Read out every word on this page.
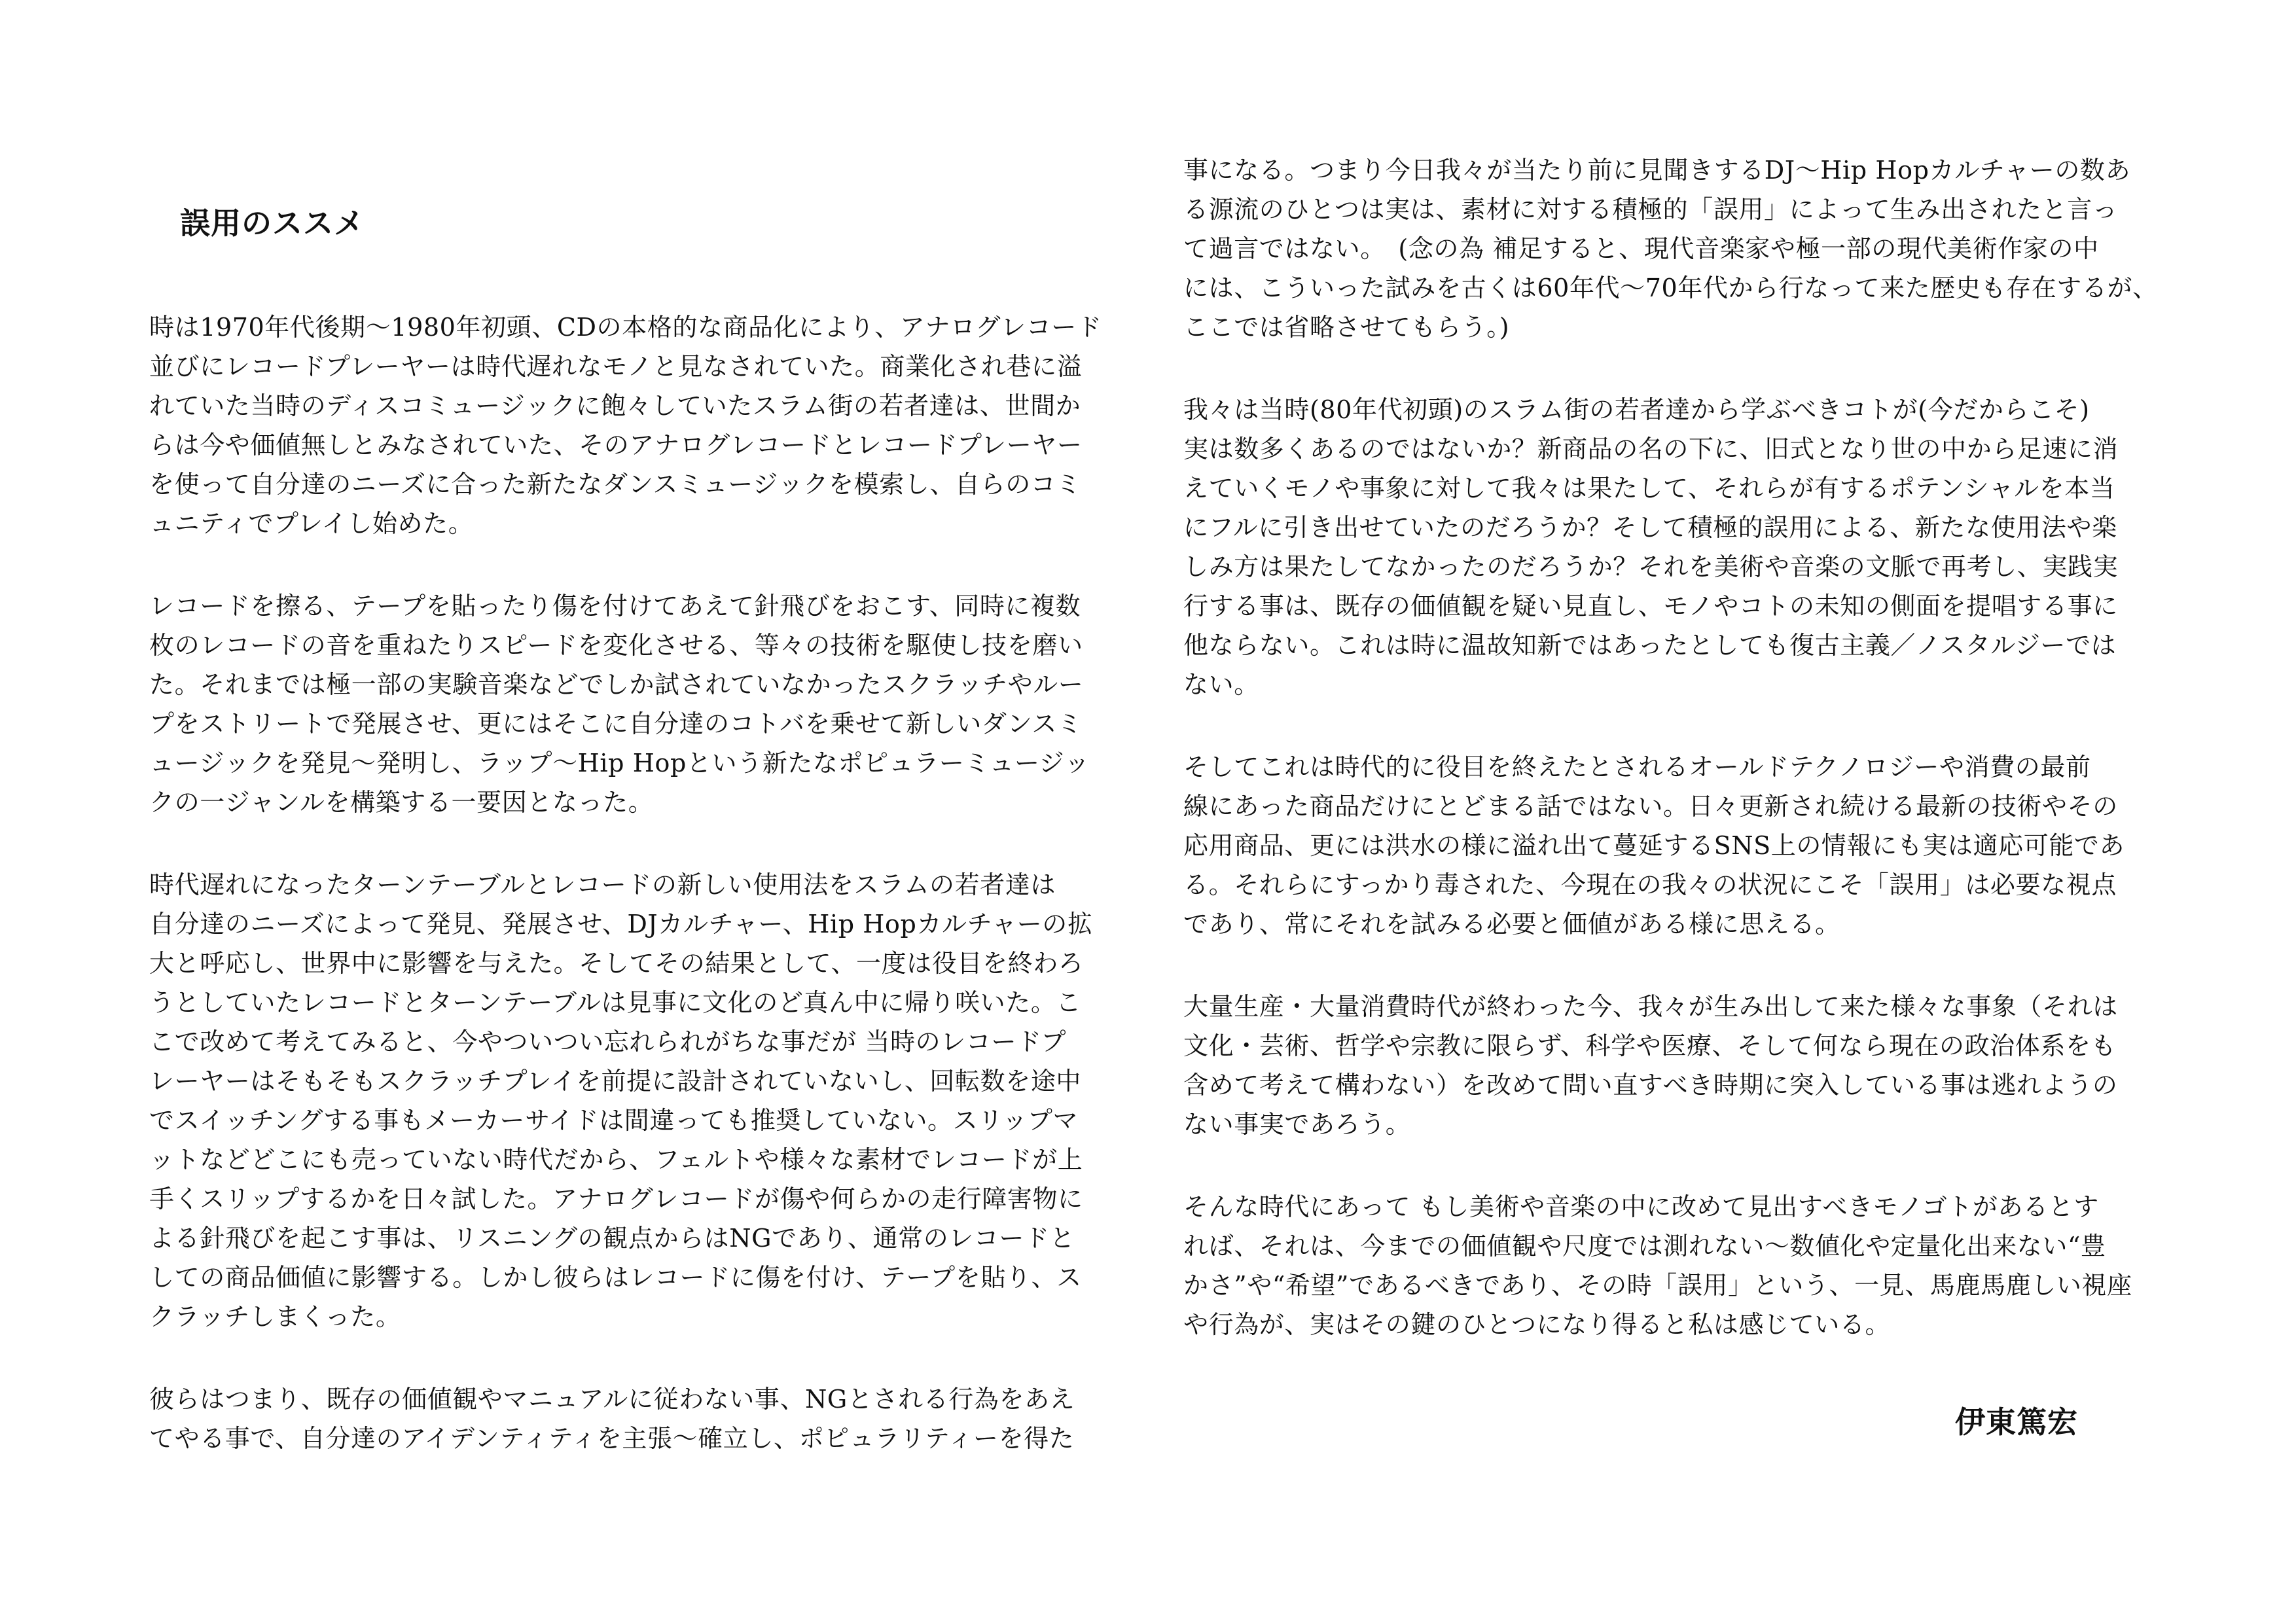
誤用のススメ
時は1970年代後期〜1980年初頭、CDの本格的な商品化により、アナログレコード
並びにレコードプレーヤーは時代遅れなモノと見なされていた。商業化され巷に溢
れていた当時のディスコミュージックに飽々していたスラム街の若者達は、世間か
らは今や価値無しとみなされていた、そのアナログレコードとレコードプレーヤー
を使って自分達のニーズに合った新たなダンスミュージックを模索し、自らのコミ
ュニティでプレイし始めた。
レコードを擦る、テープを貼ったり傷を付けてあえて針飛びをおこす、同時に複数
枚のレコードの音を重ねたりスピードを変化させる、等々の技術を駆使し技を磨い
た。それまでは極一部の実験音楽などでしか試されていなかったスクラッチやルー
プをストリートで発展させ、更にはそこに自分達のコトバを乗せて新しいダンスミ
ュージックを発見〜発明し、ラップ〜Hip Hopという新たなポピュラーミュージッ
クの一ジャンルを構築する一要因となった。
時代遅れになったターンテーブルとレコードの新しい使用法をスラムの若者達は
自分達のニーズによって発見、発展させ、DJカルチャー、Hip Hopカルチャーの拡
大と呼応し、世界中に影響を与えた。そしてその結果として、一度は役目を終わろ
うとしていたレコードとターンテーブルは見事に文化のど真ん中に帰り咲いた。こ
こで改めて考えてみると、今やついつい忘れられがちな事だが 当時のレコードプ
レーヤーはそもそもスクラッチプレイを前提に設計されていないし、回転数を途中
でスイッチングする事もメーカーサイドは間違っても推奨していない。スリップマ
ットなどどこにも売っていない時代だから、フェルトや様々な素材でレコードが上
手くスリップするかを日々試した。アナログレコードが傷や何らかの走行障害物に
よる針飛びを起こす事は、リスニングの観点からはNGであり、通常のレコードと
しての商品価値に影響する。しかし彼らはレコードに傷を付け、テープを貼り、ス
クラッチしまくった。
彼らはつまり、既存の価値観やマニュアルに従わない事、NGとされる行為をあえ
てやる事で、自分達のアイデンティティを主張〜確立し、ポピュラリティーを得た
事になる。つまり今日我々が当たり前に見聞きするDJ〜Hip Hopカルチャーの数あ
る源流のひとつは実は、素材に対する積極的「誤用」によって生み出されたと言っ
て過言ではない。　(念の為 補足すると、現代音楽家や極一部の現代美術作家の中
には、こういった試みを古くは60年代〜70年代から行なって来た歴史も存在するが、
ここでは省略させてもらう。)
我々は当時(80年代初頭)のスラム街の若者達から学ぶべきコトが(今だからこそ)
実は数多くあるのではないか？新商品の名の下に、旧式となり世の中から足速に消
えていくモノや事象に対して我々は果たして、それらが有するポテンシャルを本当
にフルに引き出せていたのだろうか？そして積極的誤用による、新たな使用法や楽
しみ方は果たしてなかったのだろうか？それを美術や音楽の文脈で再考し、実践実
行する事は、既存の価値観を疑い見直し、モノやコトの未知の側面を提唱する事に
他ならない。これは時に温故知新ではあったとしても復古主義／ノスタルジーでは
ない。
そしてこれは時代的に役目を終えたとされるオールドテクノロジーや消費の最前
線にあった商品だけにとどまる話ではない。日々更新され続ける最新の技術やその
応用商品、更には洪水の様に溢れ出て蔓延するSNS上の情報にも実は適応可能であ
る。それらにすっかり毒された、今現在の我々の状況にこそ「誤用」は必要な視点
であり、常にそれを試みる必要と価値がある様に思える。
大量生産・大量消費時代が終わった今、我々が生み出して来た様々な事象（それは
文化・芸術、哲学や宗教に限らず、科学や医療、そして何なら現在の政治体系をも
含めて考えて構わない）を改めて問い直すべき時期に突入している事は逃れようの
ない事実であろう。
そんな時代にあって もし美術や音楽の中に改めて見出すべきモノゴトがあるとす
れば、それは、今までの価値観や尺度では測れない〜数値化や定量化出来ない“豊
かさ”や“希望”であるべきであり、その時「誤用」という、一見、馬鹿馬鹿しい視座
や行為が、実はその鍵のひとつになり得ると私は感じている。
伊東篤宏
